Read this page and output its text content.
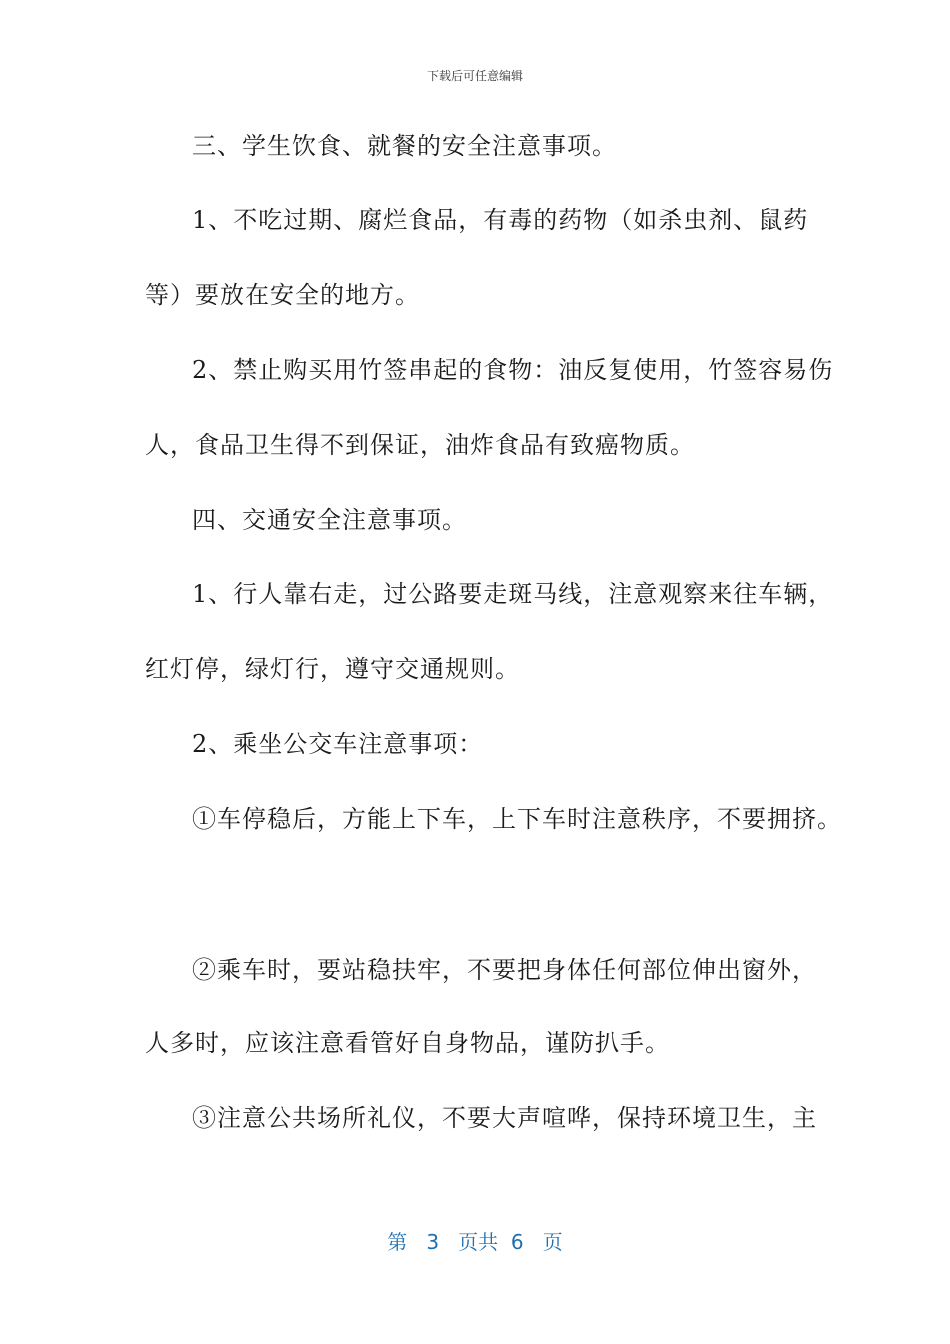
下载后可任意编辑
三、学生饮食、就餐的安全注意事项。
1、不吃过期、腐烂食品，有毒的药物（如杀虫剂、鼠药
等）要放在安全的地方。
2、禁止购买用竹签串起的食物：油反复使用，竹签容易伤
人，食品卫生得不到保证，油炸食品有致癌物质。
四、交通安全注意事项。
1、行人靠右走，过公路要走斑马线，注意观察来往车辆，
红灯停，绿灯行，遵守交通规则。
2、乘坐公交车注意事项：
①车停稳后，方能上下车，上下车时注意秩序，不要拥挤。
②乘车时，要站稳扶牢，不要把身体任何部位伸出窗外，
人多时，应该注意看管好自身物品，谨防扒手。
③注意公共场所礼仪，不要大声喧哗，保持环境卫生，主
第 3 页共 6 页
